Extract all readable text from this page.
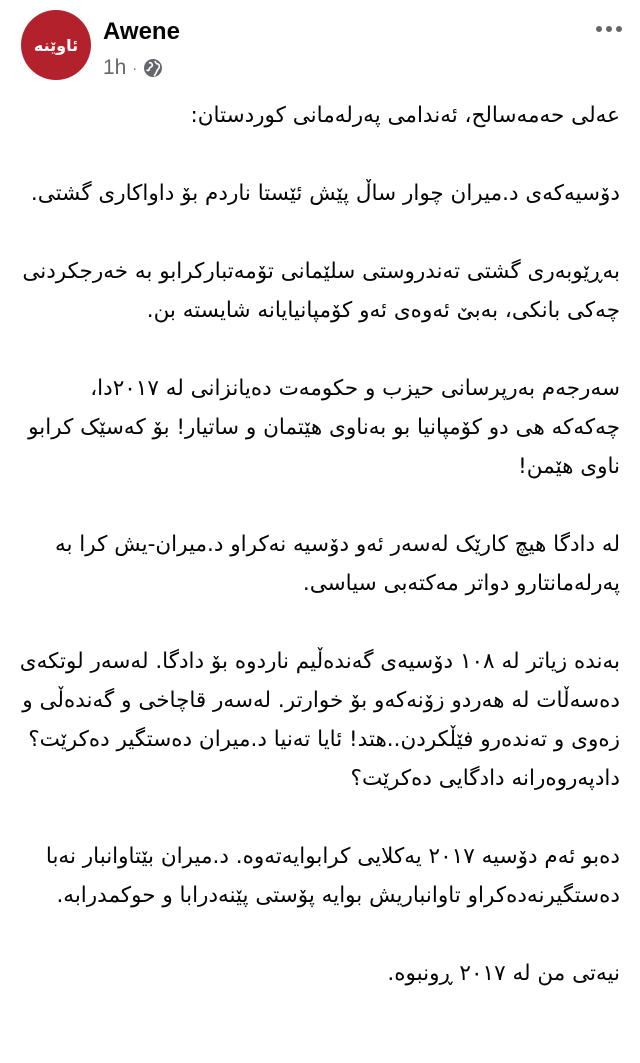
ئاوێنە Awene
1h ·

عەلی حەمەسالح، ئەندامی پەرلەمانی کوردستان:

دۆسیەکەی د.میران چوار ساڵ پێش ئێستا ناردم بۆ داواکاری گشتی.

بەڕێوبەری گشتی تەندروستی سلێمانی تۆمەتبارکرابو بە خەرجکردنی چەکی بانکی، بەبێ ئەوەی ئەو کۆمپانیایانە شایستە بن.

سەرجەم بەرپرسانی حیزب و حکومەت دەیانزانی لە ٢٠١٧دا، چەکەکە هی دو کۆمپانیا بو بەناوی هێتمان و ساتیار! بۆ کەسێک کرابو ناوی هێمن!

لە دادگا هیچ کارێک لەسەر ئەو دۆسیە نەکراو د.میران-یش کرا بە پەرلەمانتارو دواتر مەکتەبی سیاسی.

بەندە زیاتر لە ١٠٨ دۆسیەی گەندەڵیم ناردوە بۆ دادگا. لەسەر لوتکەی دەسەڵات لە هەردو زۆنەکەو بۆ خوارتر. لەسەر قاچاخی و گەندەڵی و زەوی و تەندەرو فێڵکردن..هتد! ئایا تەنیا د.میران دەستگیر دەکرێت؟ دادپەروەرانە دادگایی دەکرێت؟

دەبو ئەم دۆسیە ٢٠١٧ یەکلایی کرابوایەتەوە. د.میران بێتاوانبار نەبا دەستگیرنەدەکراو تاوانباریش بوایە پۆستی پێنەدرابا و حوکمدرابە.

نیەتی من لە ٢٠١٧ ڕونبوە.
